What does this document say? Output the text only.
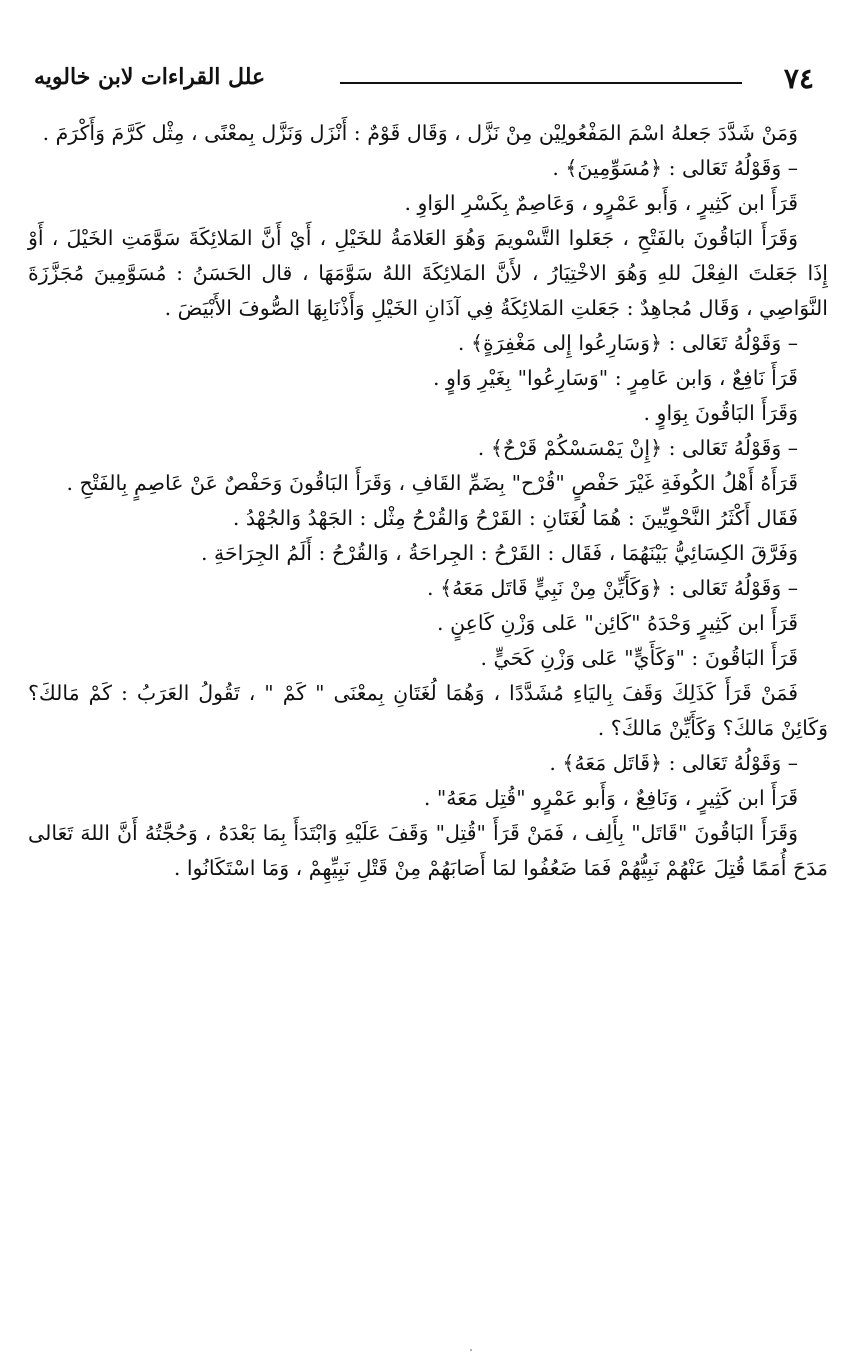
٧٤
علل القراءات لابن خالويه

وَمَنْ شَدَّدَ جَعلهُ اسْمَ المَفْعُولِيْن مِنْ نَزَّل ، وَقَال قَوْمٌ : أَنْزَل وَنَزَّل بِمعْنًى ، مِثْل كَرَّمَ وَأَكْرَمَ .

– وَقَوْلُهُ تَعَالى : ﴿مُسَوِّمِينَ﴾ .

قَرَأَ ابن كَثِيرٍ ، وَأَبو عَمْرٍو ، وَعَاصِمٌ بِكَسْرِ الوَاوِ .

وَقَرَأَ البَاقُونَ بالفَتْحِ ، جَعَلوا التَّسْويمَ وَهُوَ العَلامَةُ للخَيْلِ ، أَيْ أَنَّ المَلائِكَةَ سَوَّمَتِ الخَيْلَ ، أَوْ إِذَا جَعَلتَ الفِعْلَ للهِ وَهُوَ الاخْتِيَارُ ، لأَنَّ المَلائِكَةَ اللهُ سَوَّمَهَا ، قال الحَسَنُ : مُسَوَّمِينَ مُجَزَّزَةَ النَّوَاصِي ، وَقَال مُجاهِدٌ : جَعَلتِ المَلائِكَةُ فِي آذَانِ الخَيْلِ وَأَذْنَابِهَا الصُّوفَ الأَبْيَضَ .

– وَقَوْلُهُ تَعَالى : ﴿وَسَارِعُوا إِلى مَغْفِرَةٍ﴾ .

قَرَأَ نَافِعٌ ، وَابن عَامِرٍ : "وَسَارِعُوا" بِغَيْرِ وَاوٍ .

وَقَرَأَ البَاقُونَ بِوَاوٍ .

– وَقَوْلُهُ تَعَالى : ﴿إِنْ يَمْسَسْكُمْ قَرْحٌ﴾ .

قَرَأَهُ أَهْلُ الكُوفَةِ غَيْرَ حَفْصٍ "قُرْح" بِضَمِّ القَافِ ، وَقَرَأَ البَاقُونَ وَحَفْصٌ عَنْ عَاصِمٍ بِالفَتْحِ .

فَقَال أَكْثَرُ النَّحْوِيِّينَ : هُمَا لُغَتَانِ : القَرْحُ وَالقُرْحُ مِثْل : الجَهْدُ وَالجُهْدُ .

وَفَرَّقَ الكِسَائِيُّ بَيْنَهُمَا ، فَقَال : القَرْحُ : الجِراحَةُ ، وَالقُرْحُ : أَلَمُ الجِرَاحَةِ .

– وَقَوْلُهُ تَعَالى : ﴿وَكَأَيِّنْ مِنْ نَبِيٍّ قَاتَل مَعَهُ﴾ .

قَرَأَ ابن كَثِيرٍ وَحْدَهُ "كَائِن" عَلى وَزْنِ كَاعِنٍ .

قَرَأَ البَاقُونَ : "وَكَأَيٍّ" عَلى وَزْنِ كَحَيٍّ .

فَمَنْ قَرَأَ كَذَلِكَ وَقَفَ بِاليَاءِ مُشَدَّدًا ، وَهُمَا لُغَتَانِ بِمعْنَى " كَمْ " ، تَقُولُ العَرَبُ : كَمْ مَالكَ؟ وَكَائِنْ مَالكَ؟ وَكَأَيِّنْ مَالكَ؟ .

– وَقَوْلُهُ تَعَالى : ﴿قَاتَل مَعَهُ﴾ .

قَرَأَ ابن كَثِيرٍ ، وَنَافِعٌ ، وَأَبو عَمْرٍو "قُتِل مَعَهُ" .

وَقَرَأَ البَاقُونَ "قَاتَل" بِأَلِف ، فَمَنْ قَرَأَ "قُتِل" وَقَفَ عَلَيْهِ وَابْتَدَأَ بِمَا بَعْدَهُ ، وَحُجَّتُهُ أَنَّ اللهَ تَعَالى مَدَحَ أُمَمًا قُتِلَ عَنْهُمْ نَبِيُّهُمْ فَمَا ضَعُفُوا لمَا أَصَابَهُمْ مِنْ قَتْلِ نَبِيِّهِمْ ، وَمَا اسْتَكَانُوا .
